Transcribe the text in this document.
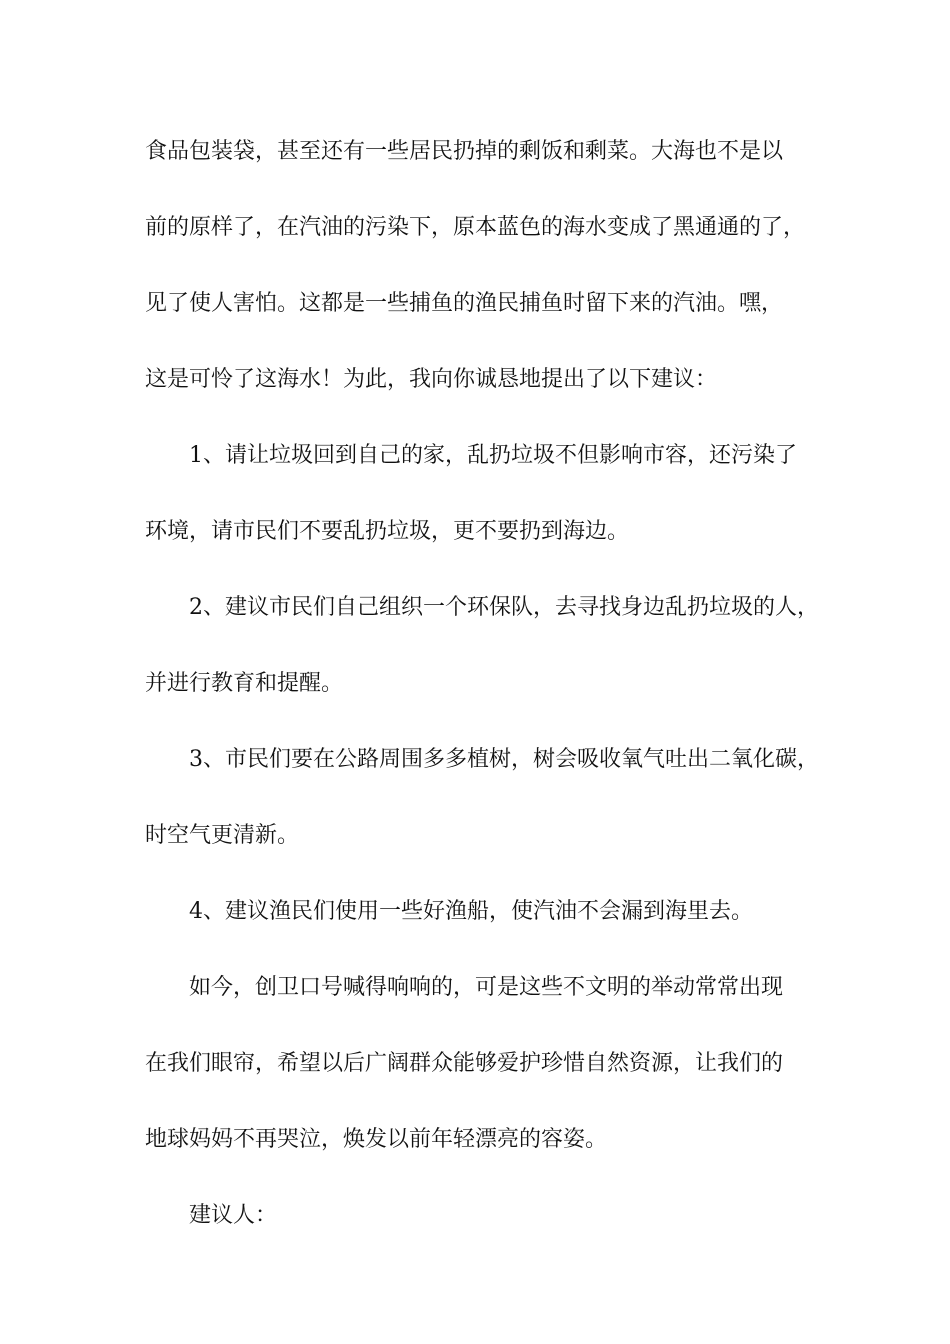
食品包装袋，甚至还有一些居民扔掉的剩饭和剩菜。大海也不是以
前的原样了，在汽油的污染下，原本蓝色的海水变成了黑通通的了，
见了使人害怕。这都是一些捕鱼的渔民捕鱼时留下来的汽油。嘿，
这是可怜了这海水！为此，我向你诚恳地提出了以下建议：
1、请让垃圾回到自己的家，乱扔垃圾不但影响市容，还污染了
环境，请市民们不要乱扔垃圾，更不要扔到海边。
2、建议市民们自己组织一个环保队，去寻找身边乱扔垃圾的人，
并进行教育和提醒。
3、市民们要在公路周围多多植树，树会吸收氧气吐出二氧化碳，
时空气更清新。
4、建议渔民们使用一些好渔船，使汽油不会漏到海里去。
如今，创卫口号喊得响响的，可是这些不文明的举动常常出现
在我们眼帘，希望以后广阔群众能够爱护珍惜自然资源，让我们的
地球妈妈不再哭泣，焕发以前年轻漂亮的容姿。
建议人：
